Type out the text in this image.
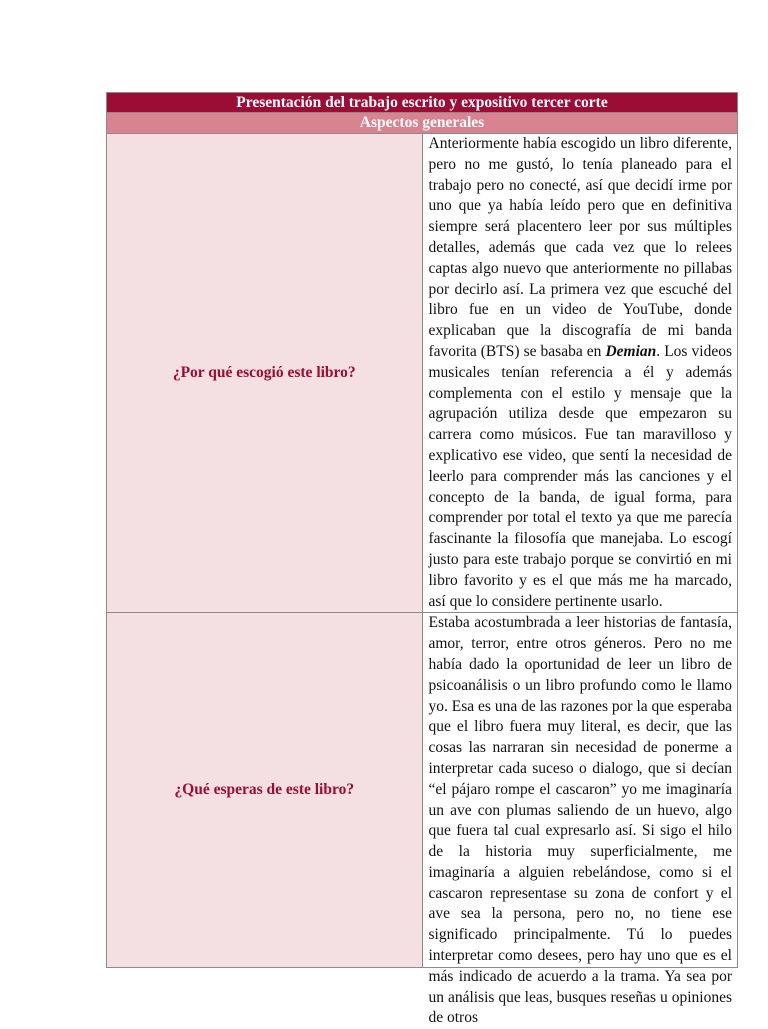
Presentación del trabajo escrito y expositivo tercer corte	
Aspectos generales	
¿Por qué escogió este libro?	Anteriormente había escogido un libro diferente, pero no me gustó, lo tenía planeado para el trabajo pero no conecté, así que decidí irme por uno que ya había leído pero que en definitiva siempre será placentero leer por sus múltiples detalles, además que cada vez que lo relees captas algo nuevo que anteriormente no pillabas por decirlo así. La primera vez que escuché del libro fue en un video de YouTube, donde explicaban que la discografía de mi banda favorita (BTS) se basaba en Demian. Los videos musicales tenían referencia a él y además complementa con el estilo y mensaje que la agrupación utiliza desde que empezaron su carrera como músicos. Fue tan maravilloso y explicativo ese video, que sentí la necesidad de leerlo para comprender más las canciones y el concepto de la banda, de igual forma, para comprender por total el texto ya que me parecía fascinante la filosofía que manejaba. Lo escogí justo para este trabajo porque se convirtió en mi libro favorito y es el que más me ha marcado, así que lo considere pertinente usarlo.

¿Qué esperas de este libro?	Estaba acostumbrada a leer historias de fantasía, amor, terror, entre otros géneros. Pero no me había dado la oportunidad de leer un libro de psicoanálisis o un libro profundo como le llamo yo. Esa es una de las razones por la que esperaba que el libro fuera muy literal, es decir, que las cosas las narraran sin necesidad de ponerme a interpretar cada suceso o dialogo, que si decían “el pájaro rompe el cascaron” yo me imaginaría un ave con plumas saliendo de un huevo, algo que fuera tal cual expresarlo así. Si sigo el hilo de la historia muy superficialmente, me imaginaría a alguien rebelándose, como si el cascaron representase su zona de confort y el ave sea la persona, pero no, no tiene ese significado principalmente. Tú lo puedes interpretar como desees, pero hay uno que es el más indicado de acuerdo a la trama. Ya sea por un análisis que leas, busques reseñas u opiniones de otros
